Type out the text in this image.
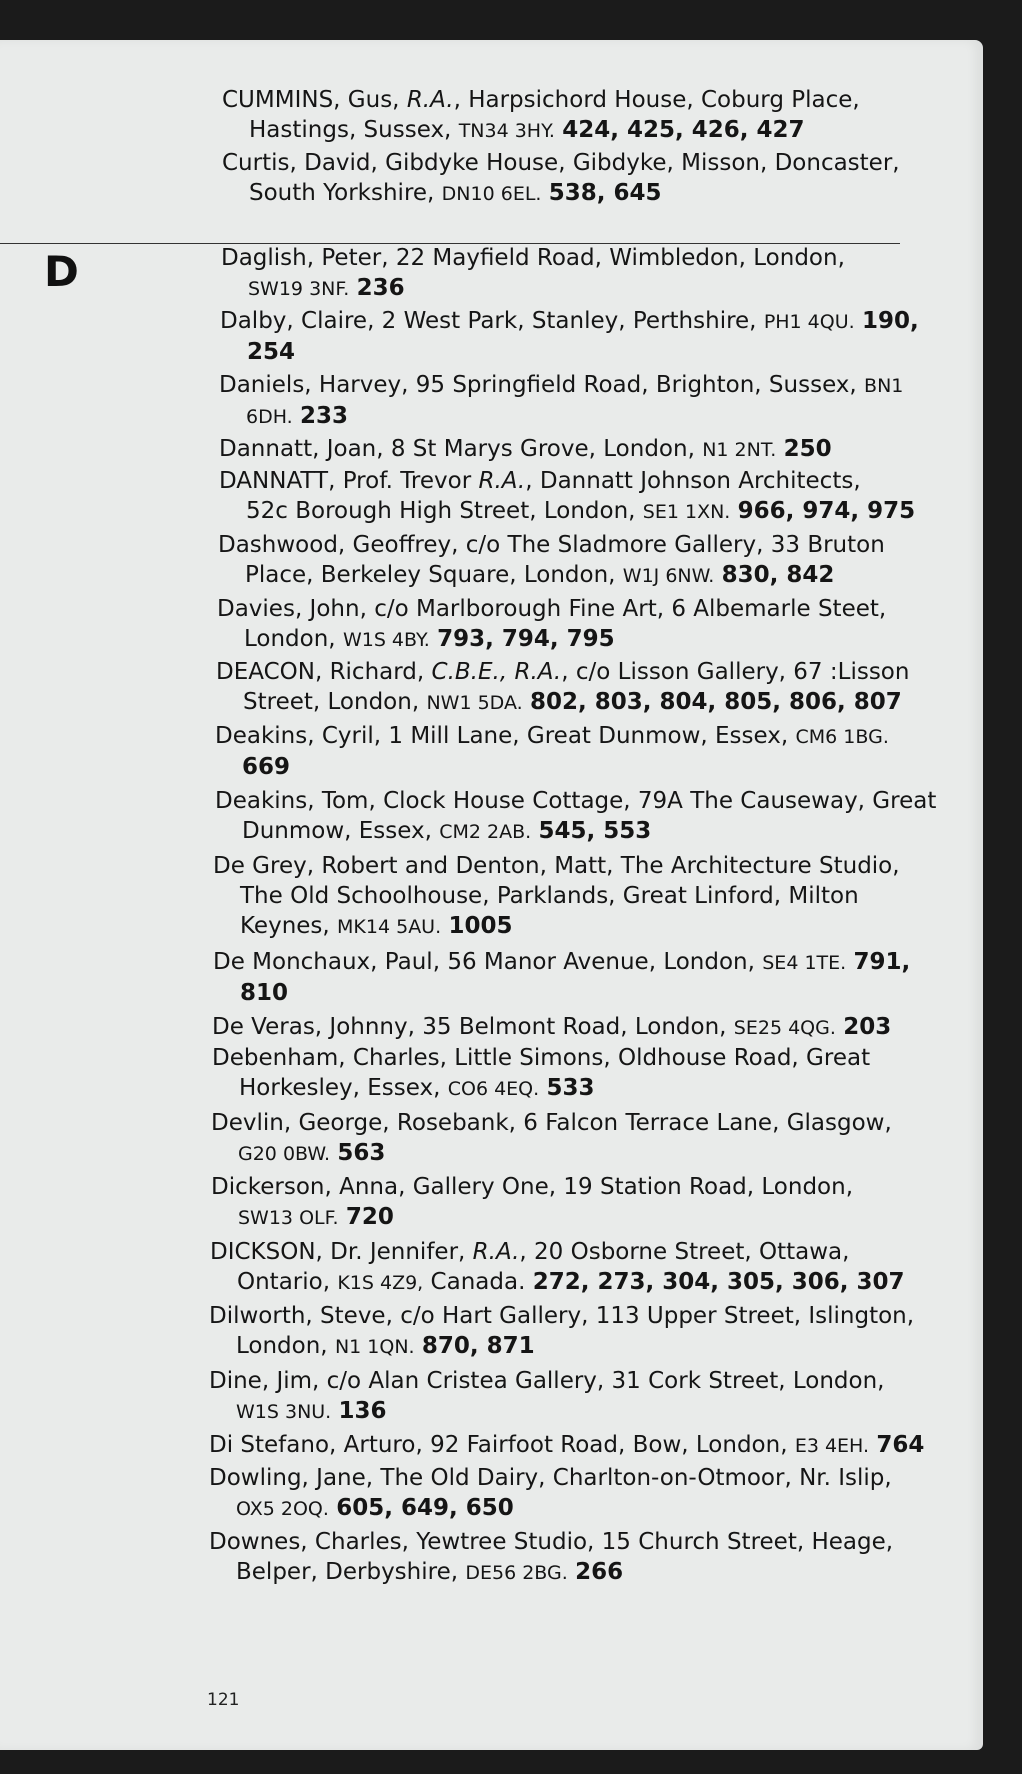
D
CUMMINS, Gus, R.A., Harpsichord House, Coburg Place,
Hastings, Sussex, TN34 3HY. 424, 425, 426, 427
Curtis, David, Gibdyke House, Gibdyke, Misson, Doncaster,
South Yorkshire, DN10 6EL. 538, 645
Daglish, Peter, 22 Mayfield Road, Wimbledon, London,
SW19 3NF. 236
Dalby, Claire, 2 West Park, Stanley, Perthshire, PH1 4QU. 190,
254
Daniels, Harvey, 95 Springfield Road, Brighton, Sussex, BN1
6DH. 233
Dannatt, Joan, 8 St Marys Grove, London, N1 2NT. 250
DANNATT, Prof. Trevor R.A., Dannatt Johnson Architects,
52c Borough High Street, London, SE1 1XN. 966, 974, 975
Dashwood, Geoffrey, c/o The Sladmore Gallery, 33 Bruton
Place, Berkeley Square, London, W1J 6NW. 830, 842
Davies, John, c/o Marlborough Fine Art, 6 Albemarle Steet,
London, W1S 4BY. 793, 794, 795
DEACON, Richard, C.B.E., R.A., c/o Lisson Gallery, 67 :Lisson
Street, London, NW1 5DA. 802, 803, 804, 805, 806, 807
Deakins, Cyril, 1 Mill Lane, Great Dunmow, Essex, CM6 1BG.
669
Deakins, Tom, Clock House Cottage, 79A The Causeway, Great
Dunmow, Essex, CM2 2AB. 545, 553
De Grey, Robert and Denton, Matt, The Architecture Studio,
The Old Schoolhouse, Parklands, Great Linford, Milton
Keynes, MK14 5AU. 1005
De Monchaux, Paul, 56 Manor Avenue, London, SE4 1TE. 791,
810
De Veras, Johnny, 35 Belmont Road, London, SE25 4QG. 203
Debenham, Charles, Little Simons, Oldhouse Road, Great
Horkesley, Essex, CO6 4EQ. 533
Devlin, George, Rosebank, 6 Falcon Terrace Lane, Glasgow,
G20 0BW. 563
Dickerson, Anna, Gallery One, 19 Station Road, London,
SW13 OLF. 720
DICKSON, Dr. Jennifer, R.A., 20 Osborne Street, Ottawa,
Ontario, K1S 4Z9, Canada. 272, 273, 304, 305, 306, 307
Dilworth, Steve, c/o Hart Gallery, 113 Upper Street, Islington,
London, N1 1QN. 870, 871
Dine, Jim, c/o Alan Cristea Gallery, 31 Cork Street, London,
W1S 3NU. 136
Di Stefano, Arturo, 92 Fairfoot Road, Bow, London, E3 4EH. 764
Dowling, Jane, The Old Dairy, Charlton-on-Otmoor, Nr. Islip,
OX5 2OQ. 605, 649, 650
Downes, Charles, Yewtree Studio, 15 Church Street, Heage,
Belper, Derbyshire, DE56 2BG. 266
121
